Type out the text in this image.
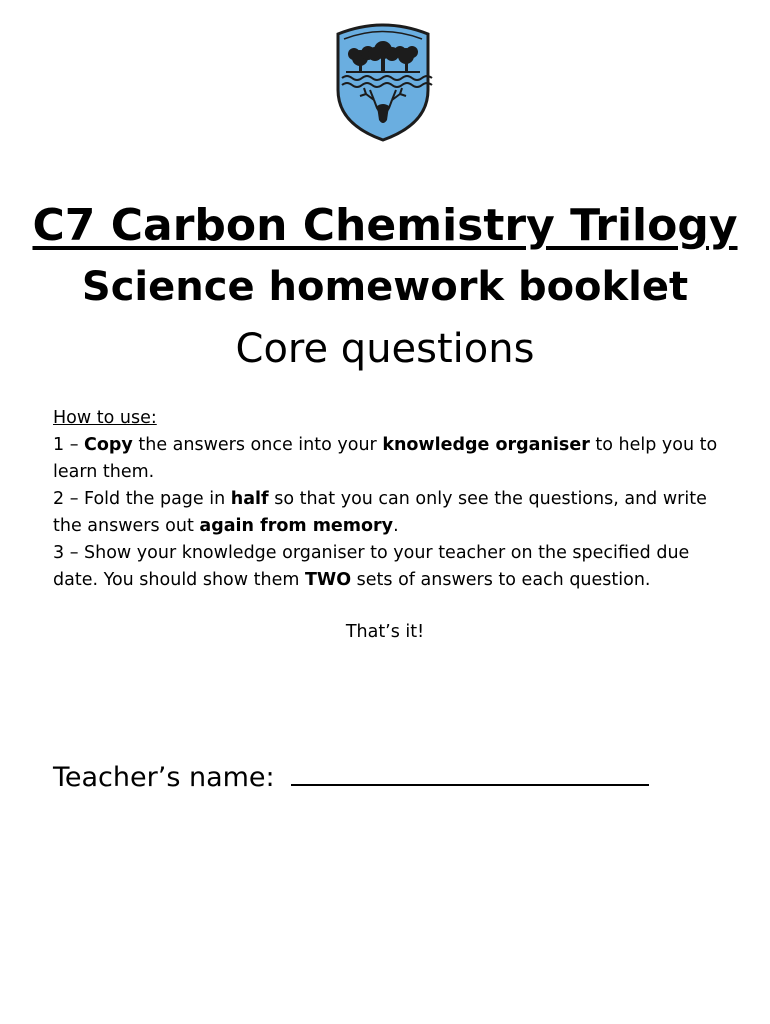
C7 Carbon Chemistry Trilogy
Science homework booklet
Core questions

How to use:

1 – Copy the answers once into your knowledge organiser to help you to learn them.

2 – Fold the page in half so that you can only see the questions, and write the answers out again from memory.

3 – Show your knowledge organiser to your teacher on the specified due date. You should show them TWO sets of answers to each question.

That’s it!
Teacher’s name:
